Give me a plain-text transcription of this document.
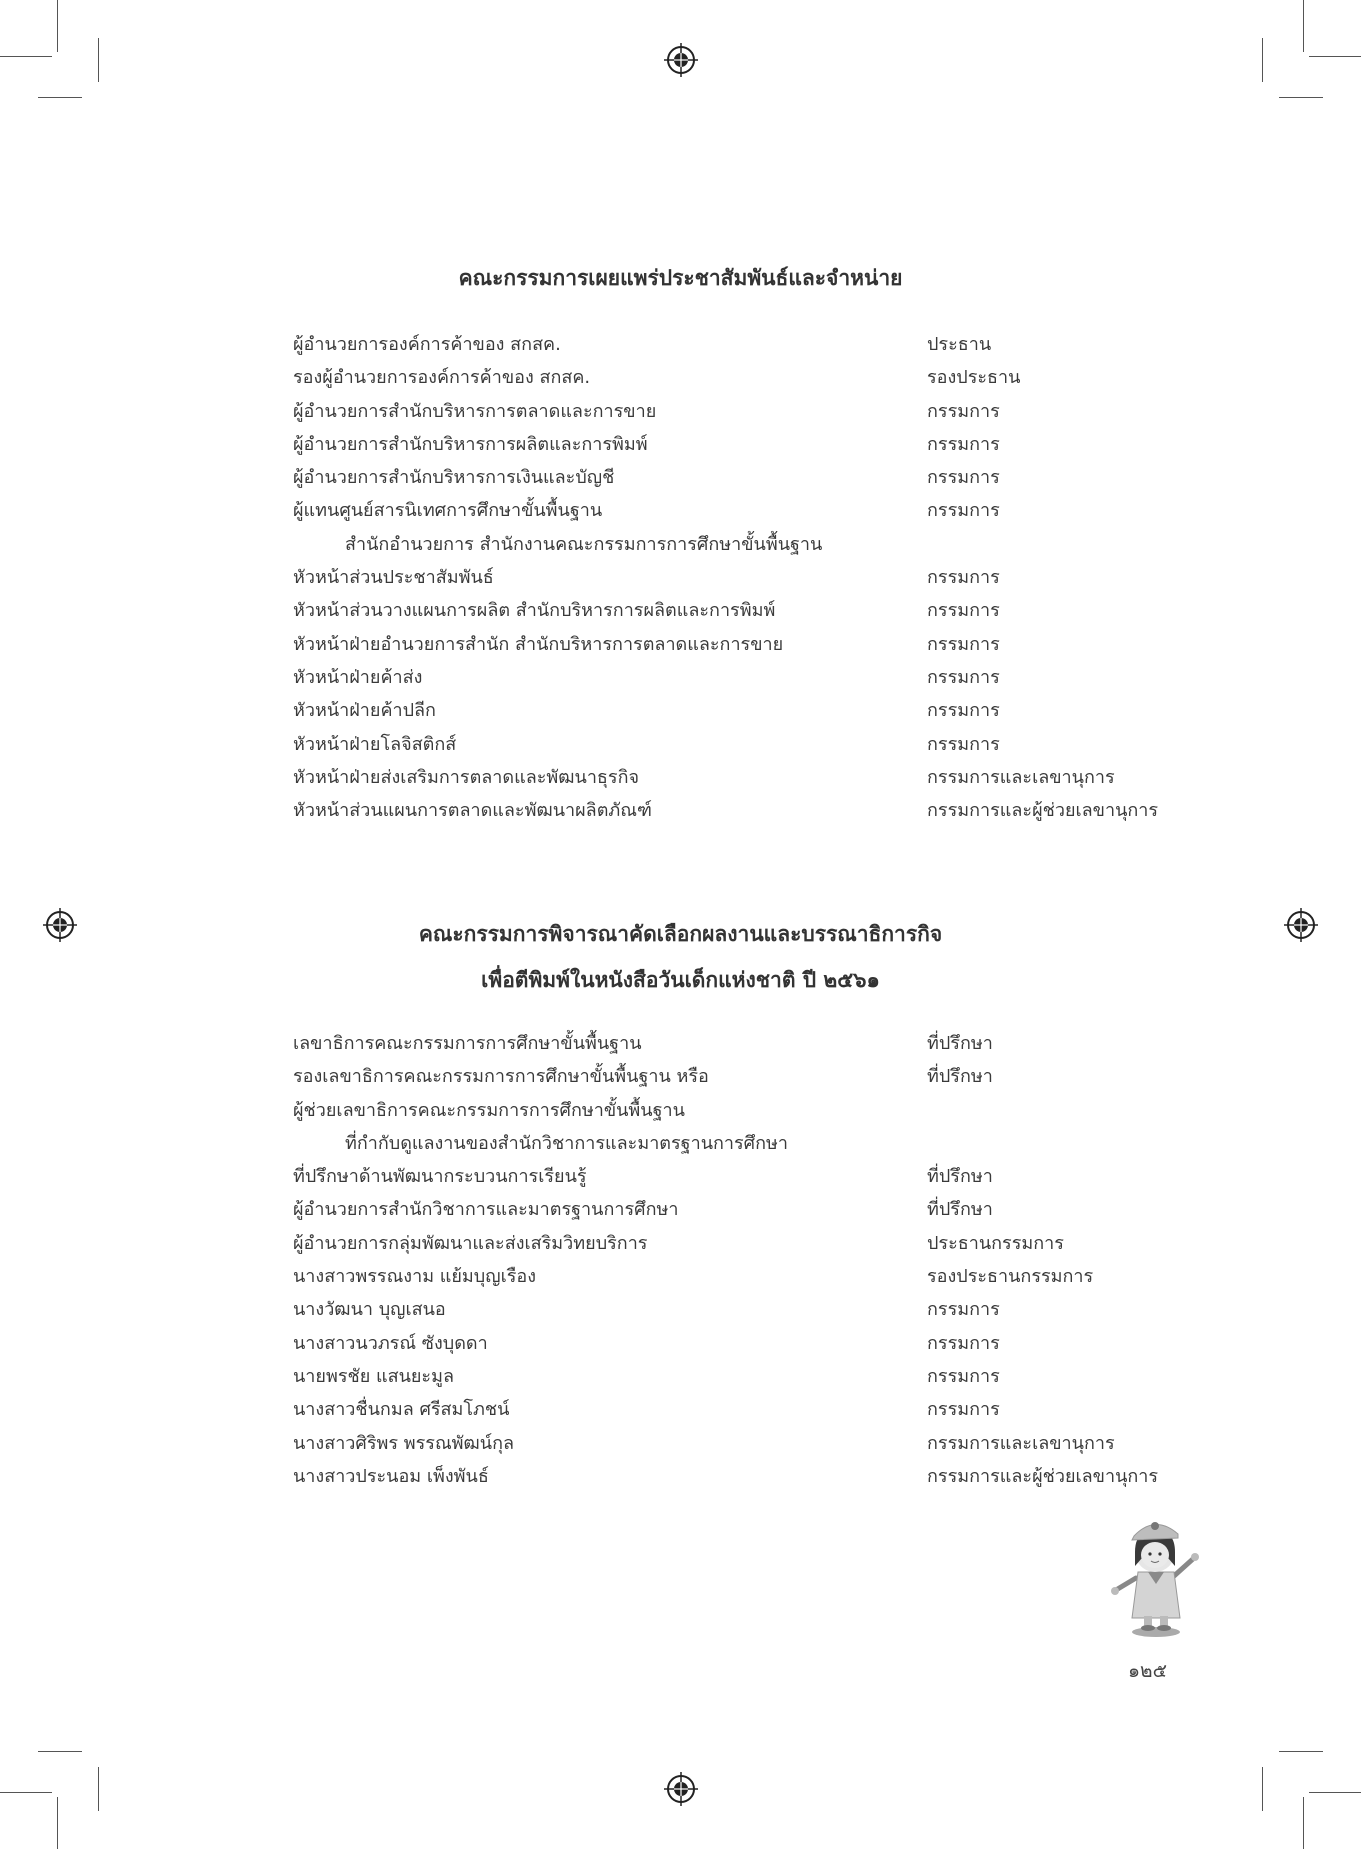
คณะกรรมการเผยแพร่ประชาสัมพันธ์และจำหน่าย
ผู้อำนวยการองค์การค้าของ สกสค.	ประธาน
รองผู้อำนวยการองค์การค้าของ สกสค.	รองประธาน
ผู้อำนวยการสำนักบริหารการตลาดและการขาย	กรรมการ
ผู้อำนวยการสำนักบริหารการผลิตและการพิมพ์	กรรมการ
ผู้อำนวยการสำนักบริหารการเงินและบัญชี	กรรมการ
ผู้แทนศูนย์สารนิเทศการศึกษาขั้นพื้นฐาน	กรรมการ
สำนักอำนวยการ สำนักงานคณะกรรมการการศึกษาขั้นพื้นฐาน
หัวหน้าส่วนประชาสัมพันธ์	กรรมการ
หัวหน้าส่วนวางแผนการผลิต สำนักบริหารการผลิตและการพิมพ์	กรรมการ
หัวหน้าฝ่ายอำนวยการสำนัก สำนักบริหารการตลาดและการขาย	กรรมการ
หัวหน้าฝ่ายค้าส่ง	กรรมการ
หัวหน้าฝ่ายค้าปลีก	กรรมการ
หัวหน้าฝ่ายโลจิสติกส์	กรรมการ
หัวหน้าฝ่ายส่งเสริมการตลาดและพัฒนาธุรกิจ	กรรมการและเลขานุการ
หัวหน้าส่วนแผนการตลาดและพัฒนาผลิตภัณฑ์	กรรมการและผู้ช่วยเลขานุการ
คณะกรรมการพิจารณาคัดเลือกผลงานและบรรณาธิการกิจ
เพื่อตีพิมพ์ในหนังสือวันเด็กแห่งชาติ ปี ๒๕๖๑
เลขาธิการคณะกรรมการการศึกษาขั้นพื้นฐาน	ที่ปรึกษา
รองเลขาธิการคณะกรรมการการศึกษาขั้นพื้นฐาน หรือ	ที่ปรึกษา
ผู้ช่วยเลขาธิการคณะกรรมการการศึกษาขั้นพื้นฐาน
ที่กำกับดูแลงานของสำนักวิชาการและมาตรฐานการศึกษา
ที่ปรึกษาด้านพัฒนากระบวนการเรียนรู้	ที่ปรึกษา
ผู้อำนวยการสำนักวิชาการและมาตรฐานการศึกษา	ที่ปรึกษา
ผู้อำนวยการกลุ่มพัฒนาและส่งเสริมวิทยบริการ	ประธานกรรมการ
นางสาวพรรณงาม แย้มบุญเรือง	รองประธานกรรมการ
นางวัฒนา บุญเสนอ	กรรมการ
นางสาวนวภรณ์ ซังบุดดา	กรรมการ
นายพรชัย แสนยะมูล	กรรมการ
นางสาวชื่นกมล ศรีสมโภชน์	กรรมการ
นางสาวศิริพร พรรณพัฒน์กุล	กรรมการและเลขานุการ
นางสาวประนอม เพ็งพันธ์	กรรมการและผู้ช่วยเลขานุการ
๑๒๕
